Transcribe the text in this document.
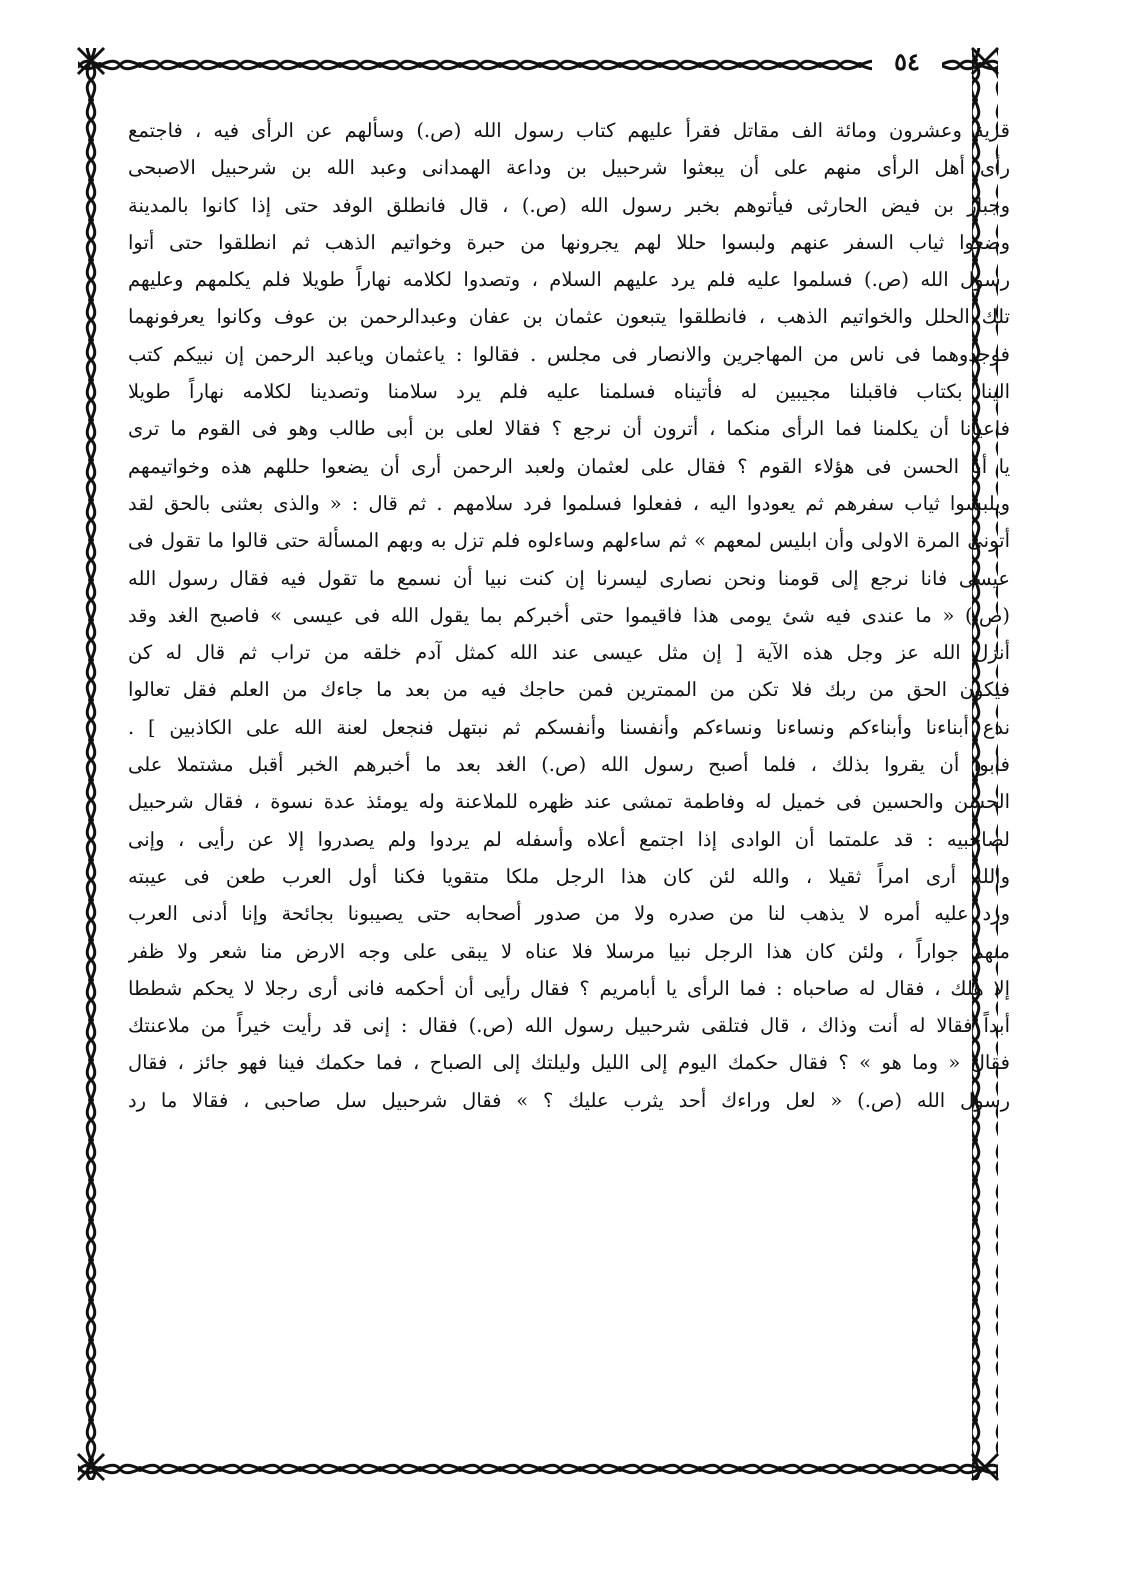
٥٤
قرية وعشرون ومائة الف مقاتل فقرأ عليهم كتاب رسول الله (ص.) وسألهم عن الرأى فيه ، فاجتمع
رأى أهل الرأى منهم على أن يبعثوا شرحبيل بن وداعة الهمدانى وعبد الله بن شرحبيل الاصبحى
وجبار بن فيض الحارثى فيأتوهم بخبر رسول الله (ص.) ، قال فانطلق الوفد حتى إذا كانوا بالمدينة
وضعوا ثياب السفر عنهم ولبسوا حللا لهم يجرونها من حبرة وخواتيم الذهب ثم انطلقوا حتى أتوا
رسول الله (ص.) فسلموا عليه فلم يرد عليهم السلام ، وتصدوا لكلامه نهاراً طويلا فلم يكلمهم وعليهم
تلك الحلل والخواتيم الذهب ، فانطلقوا يتبعون عثمان بن عفان وعبدالرحمن بن عوف وكانوا يعرفونهما
فوجدوهما فى ناس من المهاجرين والانصار فى مجلس . فقالوا : ياعثمان وياعبد الرحمن إن نبيكم كتب
الينا بكتاب فاقبلنا مجيبين له فأتيناه فسلمنا عليه فلم يرد سلامنا وتصدينا لكلامه نهاراً طويلا
فاعيانا أن يكلمنا فما الرأى منكما ، أترون أن نرجع ؟ فقالا لعلى بن أبى طالب وهو فى القوم ما ترى
يا أبا الحسن فى هؤلاء القوم ؟ فقال على لعثمان ولعبد الرحمن أرى أن يضعوا حللهم هذه وخواتيمهم
ويلبسوا ثياب سفرهم ثم يعودوا اليه ، ففعلوا فسلموا فرد سلامهم . ثم قال : « والذى بعثنى بالحق لقد
أتونى المرة الاولى وأن ابليس لمعهم » ثم ساءلهم وساءلوه فلم تزل به وبهم المسألة حتى قالوا ما تقول فى
عيسى فانا نرجع إلى قومنا ونحن نصارى ليسرنا إن كنت نبيا أن نسمع ما تقول فيه فقال رسول الله
(ص.) « ما عندى فيه شئ يومى هذا فاقيموا حتى أخبركم بما يقول الله فى عيسى » فاصبح الغد وقد
أنزل الله عز وجل هذه الآية [ إن مثل عيسى عند الله كمثل آدم خلقه من تراب ثم قال له كن
فيكون الحق من ربك فلا تكن من الممترين فمن حاجك فيه من بعد ما جاءك من العلم فقل تعالوا
ندع أبناءنا وأبناءكم ونساءنا ونساءكم وأنفسنا وأنفسكم ثم نبتهل فنجعل لعنة الله على الكاذبين ] .
فابوا أن يقروا بذلك ، فلما أصبح رسول الله (ص.) الغد بعد ما أخبرهم الخبر أقبل مشتملا على
الحسن والحسين فى خميل له وفاطمة تمشى عند ظهره للملاعنة وله يومئذ عدة نسوة ، فقال شرحبيل
لصاحبيه : قد علمتما أن الوادى إذا اجتمع أعلاه وأسفله لم يردوا ولم يصدروا إلا عن رأيى ، وإنى
والله أرى امراً ثقيلا ، والله لئن كان هذا الرجل ملكا متقويا فكنا أول العرب طعن فى عيبته
ورد عليه أمره لا يذهب لنا من صدره ولا من صدور أصحابه حتى يصيبونا بجائحة وإنا أدنى العرب
منهم جواراً ، ولئن كان هذا الرجل نبيا مرسلا فلا عناه لا يبقى على وجه الارض منا شعر ولا ظفر
إلا هلك ، فقال له صاحباه : فما الرأى يا أبامريم ؟ فقال رأيى أن أحكمه فانى أرى رجلا لا يحكم شططا
أبداً فقالا له أنت وذاك ، قال فتلقى شرحبيل رسول الله (ص.) فقال : إنى قد رأيت خيراً من ملاعنتك
فقال « وما هو » ؟ فقال حكمك اليوم إلى الليل وليلتك إلى الصباح ، فما حكمك فينا فهو جائز ، فقال
رسول الله (ص.) « لعل وراءك أحد يثرب عليك ؟ » فقال شرحبيل سل صاحبى ، فقالا ما رد
